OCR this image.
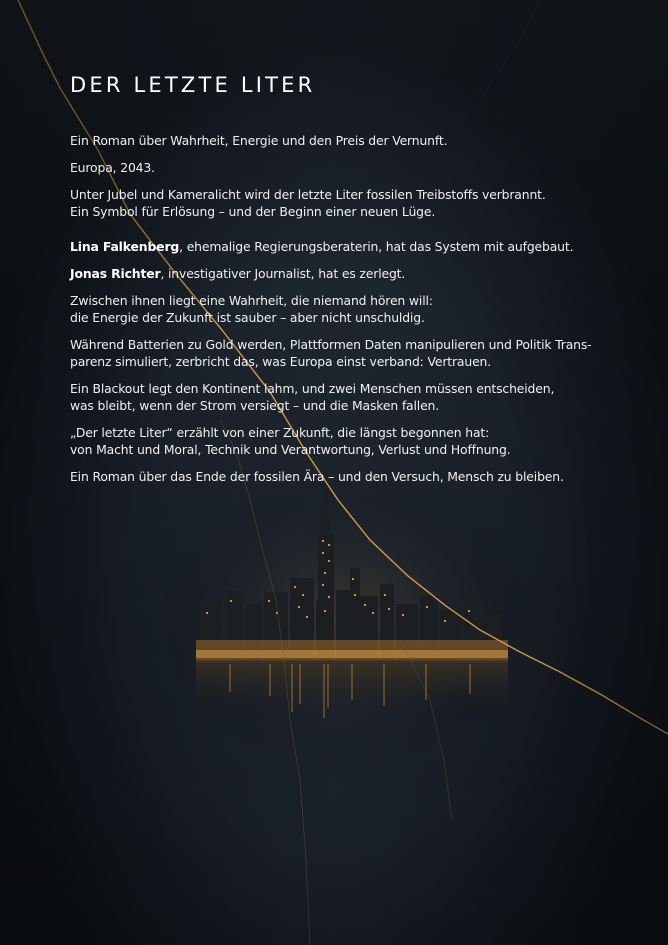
DER LETZTE LITER

Ein Roman über Wahrheit, Energie und den Preis der Vernunft.

Europa, 2043.

Unter Jubel und Kameralicht wird der letzte Liter fossilen Treibstoffs verbrannt.
Ein Symbol für Erlösung – und der Beginn einer neuen Lüge.

Lina Falkenberg, ehemalige Regierungsberaterin, hat das System mit aufgebaut.

Jonas Richter, investigativer Journalist, hat es zerlegt.

Zwischen ihnen liegt eine Wahrheit, die niemand hören will:
die Energie der Zukunft ist sauber – aber nicht unschuldig.

Während Batterien zu Gold werden, Plattformen Daten manipulieren und Politik Trans-
parenz simuliert, zerbricht das, was Europa einst verband: Vertrauen.

Ein Blackout legt den Kontinent lahm, und zwei Menschen müssen entscheiden,
was bleibt, wenn der Strom versiegt – und die Masken fallen.

„Der letzte Liter“ erzählt von einer Zukunft, die längst begonnen hat:
von Macht und Moral, Technik und Verantwortung, Verlust und Hoffnung.

Ein Roman über das Ende der fossilen Ära – und den Versuch, Mensch zu bleiben.
